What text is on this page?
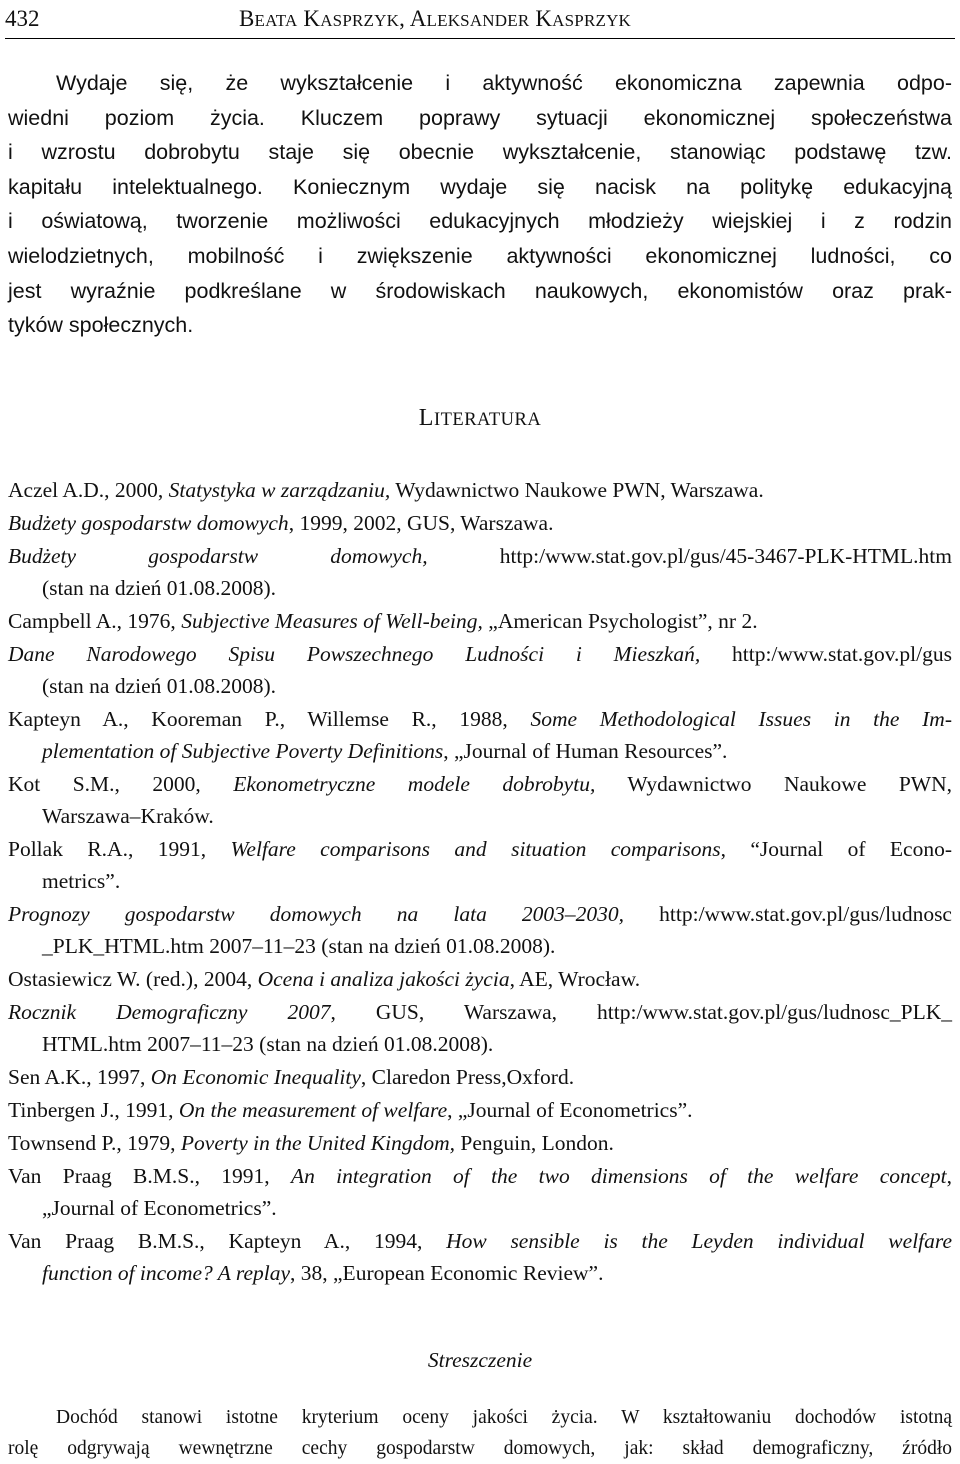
432	BEATA KASPRZYK, ALEKSANDER KASPRZYK
Wydaje się, że wykształcenie i aktywność ekonomiczna zapewnia odpo-
wiedni poziom życia. Kluczem poprawy sytuacji ekonomicznej społeczeństwa
i wzrostu dobrobytu staje się obecnie wykształcenie, stanowiąc podstawę tzw.
kapitału intelektualnego. Koniecznym wydaje się nacisk na politykę edukacyjną
i oświatową, tworzenie możliwości edukacyjnych młodzieży wiejskiej i z rodzin
wielodzietnych, mobilność i zwiększenie aktywności ekonomicznej ludności, co
jest wyraźnie podkreślane w środowiskach naukowych, ekonomistów oraz prak-
tyków społecznych.
LITERATURA
Aczel A.D., 2000, Statystyka w zarządzaniu, Wydawnictwo Naukowe PWN, Warszawa.
Budżety gospodarstw domowych, 1999, 2002, GUS, Warszawa.
Budżety gospodarstw domowych, http:/www.stat.gov.pl/gus/45-3467-PLK-HTML.htm
(stan na dzień 01.08.2008).
Campbell A., 1976, Subjective Measures of Well-being, „American Psychologist”, nr 2.
Dane Narodowego Spisu Powszechnego Ludności i Mieszkań, http:/www.stat.gov.pl/gus
(stan na dzień 01.08.2008).
Kapteyn A., Kooreman P., Willemse R., 1988, Some Methodological Issues in the Im-
plementation of Subjective Poverty Definitions, „Journal of Human Resources”.
Kot S.M., 2000, Ekonometryczne modele dobrobytu, Wydawnictwo Naukowe PWN,
Warszawa–Kraków.
Pollak R.A., 1991, Welfare comparisons and situation comparisons, “Journal of Econo-
metrics”.
Prognozy gospodarstw domowych na lata 2003–2030, http:/www.stat.gov.pl/gus/ludnosc
_PLK_HTML.htm 2007–11–23 (stan na dzień 01.08.2008).
Ostasiewicz W. (red.), 2004, Ocena i analiza jakości życia, AE, Wrocław.
Rocznik Demograficzny 2007, GUS, Warszawa, http:/www.stat.gov.pl/gus/ludnosc_PLK_
HTML.htm 2007–11–23 (stan na dzień 01.08.2008).
Sen A.K., 1997, On Economic Inequality, Claredon Press,Oxford.
Tinbergen J., 1991, On the measurement of welfare, „Journal of Econometrics”.
Townsend P., 1979, Poverty in the United Kingdom, Penguin, London.
Van Praag B.M.S., 1991, An integration of the two dimensions of the welfare concept,
„Journal of Econometrics”.
Van Praag B.M.S., Kapteyn A., 1994, How sensible is the Leyden individual welfare
function of income? A replay, 38, „European Economic Review”.
Streszczenie
Dochód stanowi istotne kryterium oceny jakości życia. W kształtowaniu dochodów istotną
rolę odgrywają wewnętrzne cechy gospodarstw domowych, jak: skład demograficzny, źródło
